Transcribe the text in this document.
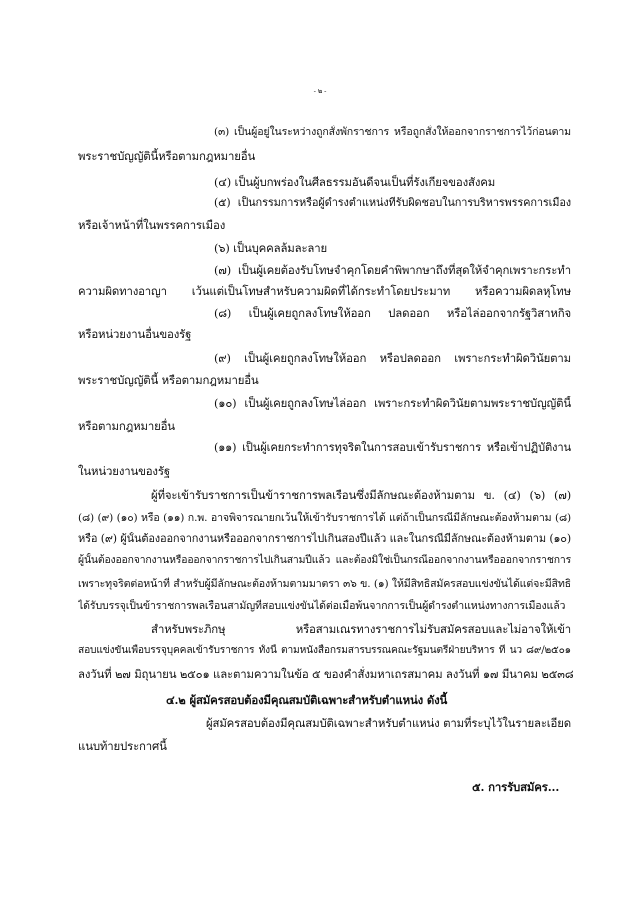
- ๒ -
(๓) เป็นผู้อยู่ในระหว่างถูกสั่งพักราชการ หรือถูกสั่งให้ออกจากราชการไว้ก่อนตาม
พระราชบัญญัตินี้หรือตามกฎหมายอื่น
(๔) เป็นผู้บกพร่องในศีลธรรมอันดีจนเป็นที่รังเกียจของสังคม
(๕) เป็นกรรมการหรือผู้ดำรงตำแหน่งที่รับผิดชอบในการบริหารพรรคการเมือง
หรือเจ้าหน้าที่ในพรรคการเมือง
(๖) เป็นบุคคลล้มละลาย
(๗) เป็นผู้เคยต้องรับโทษจำคุกโดยคำพิพากษาถึงที่สุดให้จำคุกเพราะกระทำ
ความผิดทางอาญา เว้นแต่เป็นโทษสำหรับความผิดที่ได้กระทำโดยประมาท หรือความผิดลหุโทษ
(๘) เป็นผู้เคยถูกลงโทษให้ออก ปลดออก หรือไล่ออกจากรัฐวิสาหกิจ
หรือหน่วยงานอื่นของรัฐ
(๙) เป็นผู้เคยถูกลงโทษให้ออก หรือปลดออก เพราะกระทำผิดวินัยตาม
พระราชบัญญัตินี้ หรือตามกฎหมายอื่น
(๑๐) เป็นผู้เคยถูกลงโทษไล่ออก เพราะกระทำผิดวินัยตามพระราชบัญญัตินี้
หรือตามกฎหมายอื่น
(๑๑) เป็นผู้เคยกระทำการทุจริตในการสอบเข้ารับราชการ หรือเข้าปฏิบัติงาน
ในหน่วยงานของรัฐ
ผู้ที่จะเข้ารับราชการเป็นข้าราชการพลเรือนซึ่งมีลักษณะต้องห้ามตาม ข. (๔) (๖) (๗)
(๘) (๙) (๑๐) หรือ (๑๑) ก.พ. อาจพิจารณายกเว้นให้เข้ารับราชการได้ แต่ถ้าเป็นกรณีมีลักษณะต้องห้ามตาม (๘)
หรือ (๙) ผู้นั้นต้องออกจากงานหรือออกจากราชการไปเกินสองปีแล้ว และในกรณีมีลักษณะต้องห้ามตาม (๑๐)
ผู้นั้นต้องออกจากงานหรือออกจากราชการไปเกินสามปีแล้ว และต้องมิใช่เป็นกรณีออกจากงานหรือออกจากราชการ
เพราะทุจริตต่อหน้าที่ สำหรับผู้มีลักษณะต้องห้ามตามมาตรา ๓๖ ข. (๑) ให้มีสิทธิสมัครสอบแข่งขันได้แต่จะมีสิทธิ
ได้รับบรรจุเป็นข้าราชการพลเรือนสามัญที่สอบแข่งขันได้ต่อเมื่อพ้นจากการเป็นผู้ดำรงตำแหน่งทางการเมืองแล้ว
สำหรับพระภิกษุ หรือสามเณรทางราชการไม่รับสมัครสอบและไม่อาจให้เข้า
สอบแข่งขันเพื่อบรรจุบุคคลเข้ารับราชการ ทั้งนี้ ตามหนังสือกรมสารบรรณคณะรัฐมนตรีฝ่ายบริหาร ที่ นว ๘๙/๒๕๐๑
ลงวันที่ ๒๗ มิถุนายน ๒๕๐๑ และตามความในข้อ ๕ ของคำสั่งมหาเถรสมาคม ลงวันที่ ๑๗ มีนาคม ๒๕๓๘
๔.๒ ผู้สมัครสอบต้องมีคุณสมบัติเฉพาะสำหรับตำแหน่ง ดังนี้
ผู้สมัครสอบต้องมีคุณสมบัติเฉพาะสำหรับตำแหน่ง ตามที่ระบุไว้ในรายละเอียด
แนบท้ายประกาศนี้
๕. การรับสมัคร...
